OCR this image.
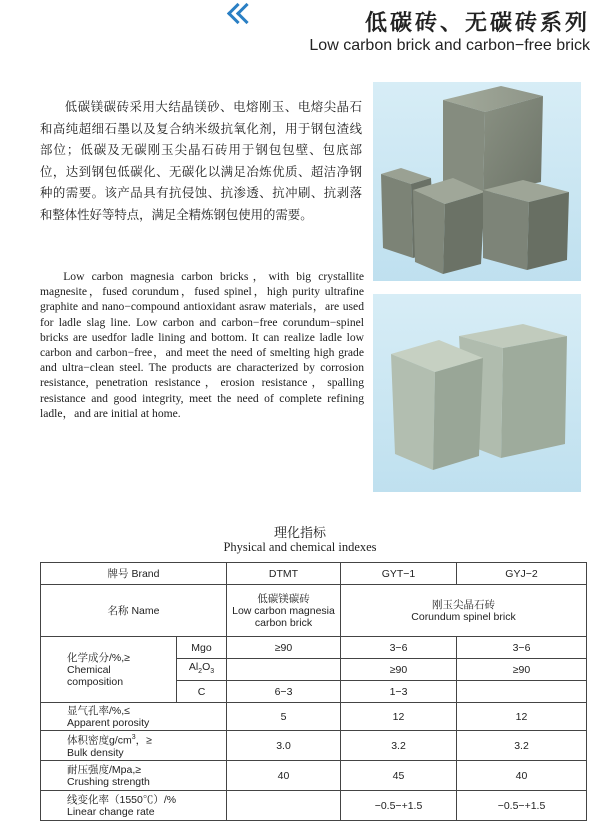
低碳砖、无碳砖系列
Low carbon brick and carbon−free brick

低碳镁碳砖采用大结晶镁砂、电熔刚玉、电熔尖晶石和高纯超细石墨以及复合纳米级抗氧化剂，用于钢包渣线部位；低碳及无碳刚玉尖晶石砖用于钢包包壁、包底部位，达到钢包低碳化、无碳化以满足冶炼优质、超洁净钢种的需要。该产品具有抗侵蚀、抗渗透、抗冲刷、抗剥落和整体性好等特点，满足全精炼钢包使用的需要。

Low carbon magnesia carbon bricks，with big crystallite magnesite，fused corundum，fused spinel，high purity ultrafine graphite and nano−compound antioxidant asraw materials，are used for ladle slag line. Low carbon and carbon−free corundum−spinel bricks are usedfor ladle lining and bottom. It can realize ladle low carbon and carbon−free，and meet the need of smelting high grade and ultra−clean steel. The products are characterized by corrosion resistance, penetration resistance，erosion resistance，spalling resistance and good integrity, meet the need of complete refining ladle，and are initial at home.

理化指标
Physical and chemical indexes
牌号 Brand		DTMT	GYT−1	GYJ−2
名称 Name		低碳镁碳砖
Low carbon magnesia
carbon brick	刚玉尖晶石砖
Corundum spinel brick	
化学成分/%,≥
Chemical
composition	Mgo	≥90	3−6	3−6
	$Al_2O_3$		≥90	≥90
	C	6−3	1−3	
显气孔率/%,≤
Apparent porosity		5	12	12
体积密度$g/cm^3$，≥
Bulk density		3.0	3.2	3.2
耐压强度/Mpa,≥
Crushing strength		40	45	40
线变化率（1550℃）/%
Linear change rate			−0.5−+1.5	−0.5−+1.5
